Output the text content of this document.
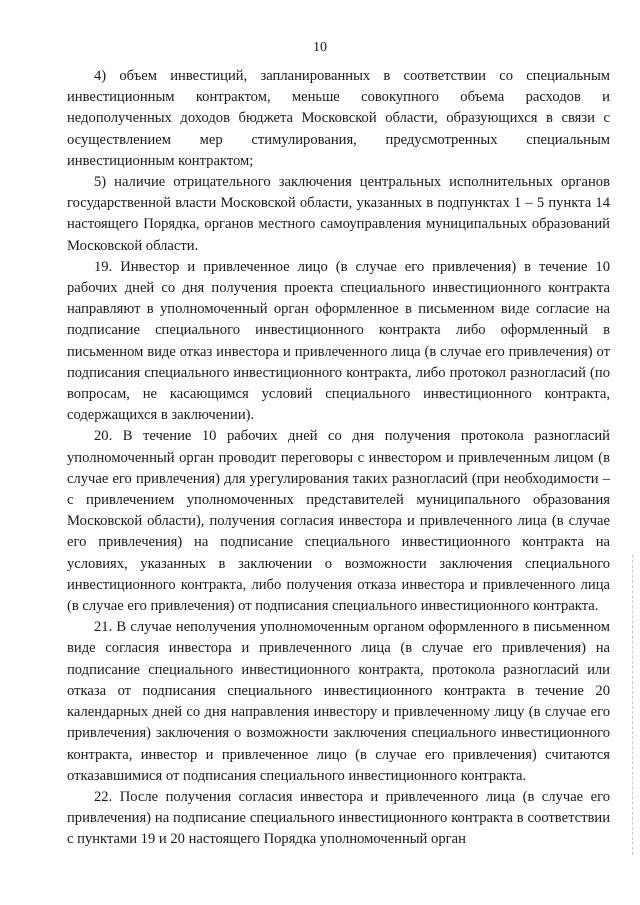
10

4) объем инвестиций, запланированных в соответствии со специальным инвестиционным контрактом, меньше совокупного объема расходов и недополученных доходов бюджета Московской области, образующихся в связи с осуществлением мер стимулирования, предусмотренных специальным инвестиционным контрактом;

5) наличие отрицательного заключения центральных исполнительных органов государственной власти Московской области, указанных в подпунктах 1 – 5 пункта 14 настоящего Порядка, органов местного самоуправления муниципальных образований Московской области.

19. Инвестор и привлеченное лицо (в случае его привлечения) в течение 10 рабочих дней со дня получения проекта специального инвестиционного контракта направляют в уполномоченный орган оформленное в письменном виде согласие на подписание специального инвестиционного контракта либо оформленный в письменном виде отказ инвестора и привлеченного лица (в случае его привлечения) от подписания специального инвестиционного контракта, либо протокол разногласий (по вопросам, не касающимся условий специального инвестиционного контракта, содержащихся в заключении).

20. В течение 10 рабочих дней со дня получения протокола разногласий уполномоченный орган проводит переговоры с инвестором и привлеченным лицом (в случае его привлечения) для урегулирования таких разногласий (при необходимости – с привлечением уполномоченных представителей муниципального образования Московской области), получения согласия инвестора и привлеченного лица (в случае его привлечения) на подписание специального инвестиционного контракта на условиях, указанных в заключении о возможности заключения специального инвестиционного контракта, либо получения отказа инвестора и привлеченного лица (в случае его привлечения) от подписания специального инвестиционного контракта.

21. В случае неполучения уполномоченным органом оформленного в письменном виде согласия инвестора и привлеченного лица (в случае его привлечения) на подписание специального инвестиционного контракта, протокола разногласий или отказа от подписания специального инвестиционного контракта в течение 20 календарных дней со дня направления инвестору и привлеченному лицу (в случае его привлечения) заключения о возможности заключения специального инвестиционного контракта, инвестор и привлеченное лицо (в случае его привлечения) считаются отказавшимися от подписания специального инвестиционного контракта.

22. После получения согласия инвестора и привлеченного лица (в случае его привлечения) на подписание специального инвестиционного контракта в соответствии с пунктами 19 и 20 настоящего Порядка уполномоченный орган
